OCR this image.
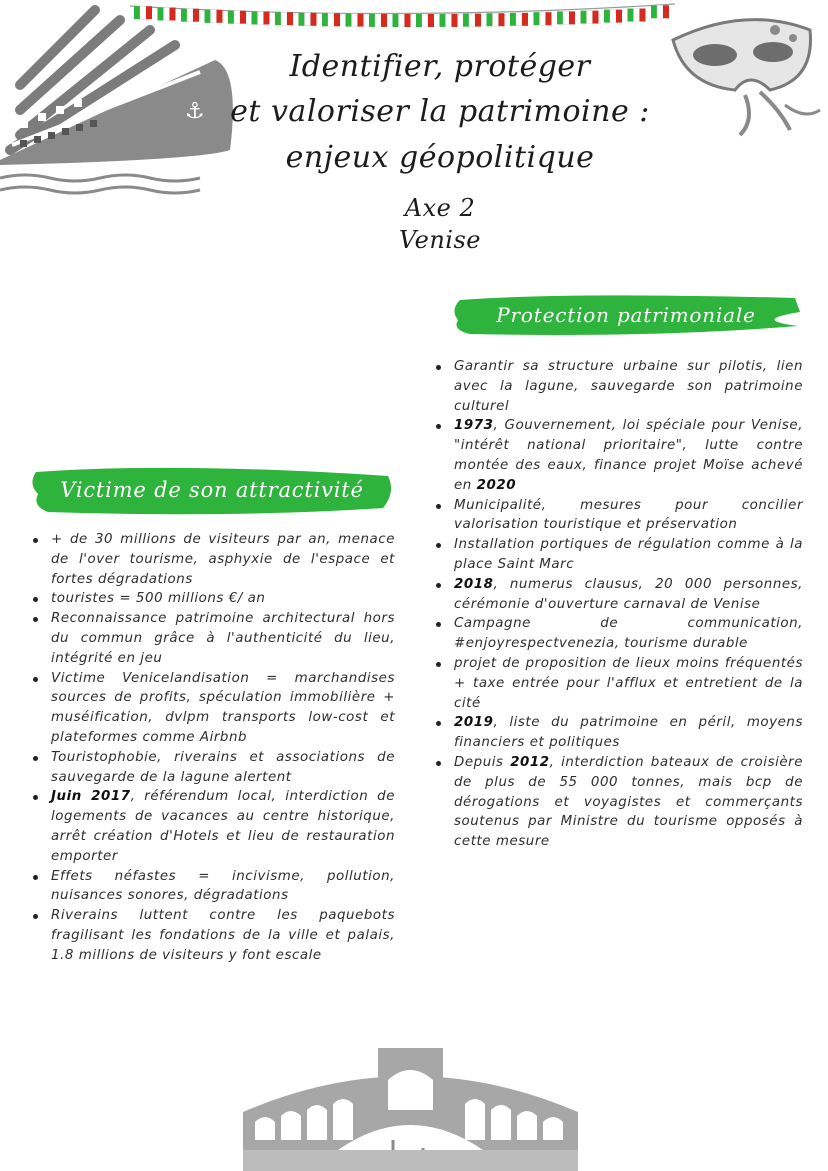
⚓
Identifier, protéger
et valoriser la patrimoine :
enjeux géopolitique
Axe 2
Venise
Protection patrimoniale
Victime de son attractivité
+ de 30 millions de visiteurs par an, menace de l'over tourisme, asphyxie de l'espace et fortes dégradations
touristes = 500 millions €/ an
Reconnaissance patrimoine architectural hors du commun grâce à l'authenticité du lieu, intégrité en jeu
Victime Venicelandisation = marchandises sources de profits, spéculation immobilière + muséification, dvlpm transports low-cost et plateformes comme Airbnb
Touristophobie, riverains et associations de sauvegarde de la lagune alertent
Juin 2017, référendum local, interdiction de logements de vacances au centre historique, arrêt création d'Hotels et lieu de restauration emporter
Effets néfastes = incivisme, pollution, nuisances sonores, dégradations
Riverains luttent contre les paquebots fragilisant les fondations de la ville et palais, 1.8 millions de visiteurs y font escale
Garantir sa structure urbaine sur pilotis, lien avec la lagune, sauvegarde son patrimoine culturel
1973, Gouvernement, loi spéciale pour Venise, "intérêt national prioritaire", lutte contre montée des eaux, finance projet Moïse achevé en 2020
Municipalité, mesures pour concilier valorisation touristique et préservation
Installation portiques de régulation comme à la place Saint Marc
2018, numerus clausus, 20 000 personnes, cérémonie d'ouverture carnaval de Venise
Campagne de communication, #enjoyrespectvenezia, tourisme durable
projet de proposition de lieux moins fréquentés + taxe entrée pour l'afflux et entretient de la cité
2019, liste du patrimoine en péril, moyens financiers et politiques
Depuis 2012, interdiction bateaux de croisière de plus de 55 000 tonnes, mais bcp de dérogations et voyagistes et commerçants soutenus par Ministre du tourisme opposés à cette mesure
